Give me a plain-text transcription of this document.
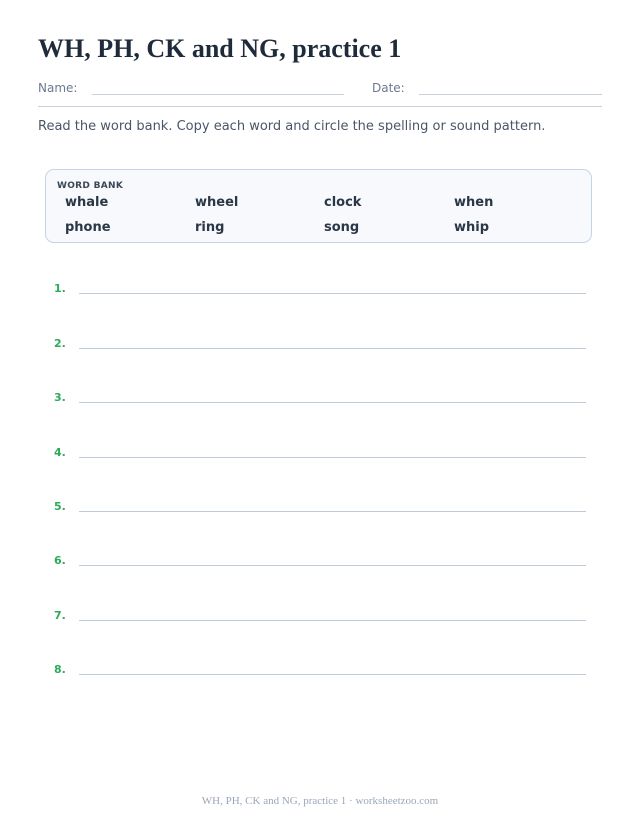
WH, PH, CK and NG, practice 1
Name:	Date:

Read the word bank. Copy each word and circle the spelling or sound pattern.

WORD BANK
whale	wheel	clock	when
phone	ring	song	whip
1.
2.
3.
4.
5.
6.
7.
8.
WH, PH, CK and NG, practice 1 · worksheetzoo.com
